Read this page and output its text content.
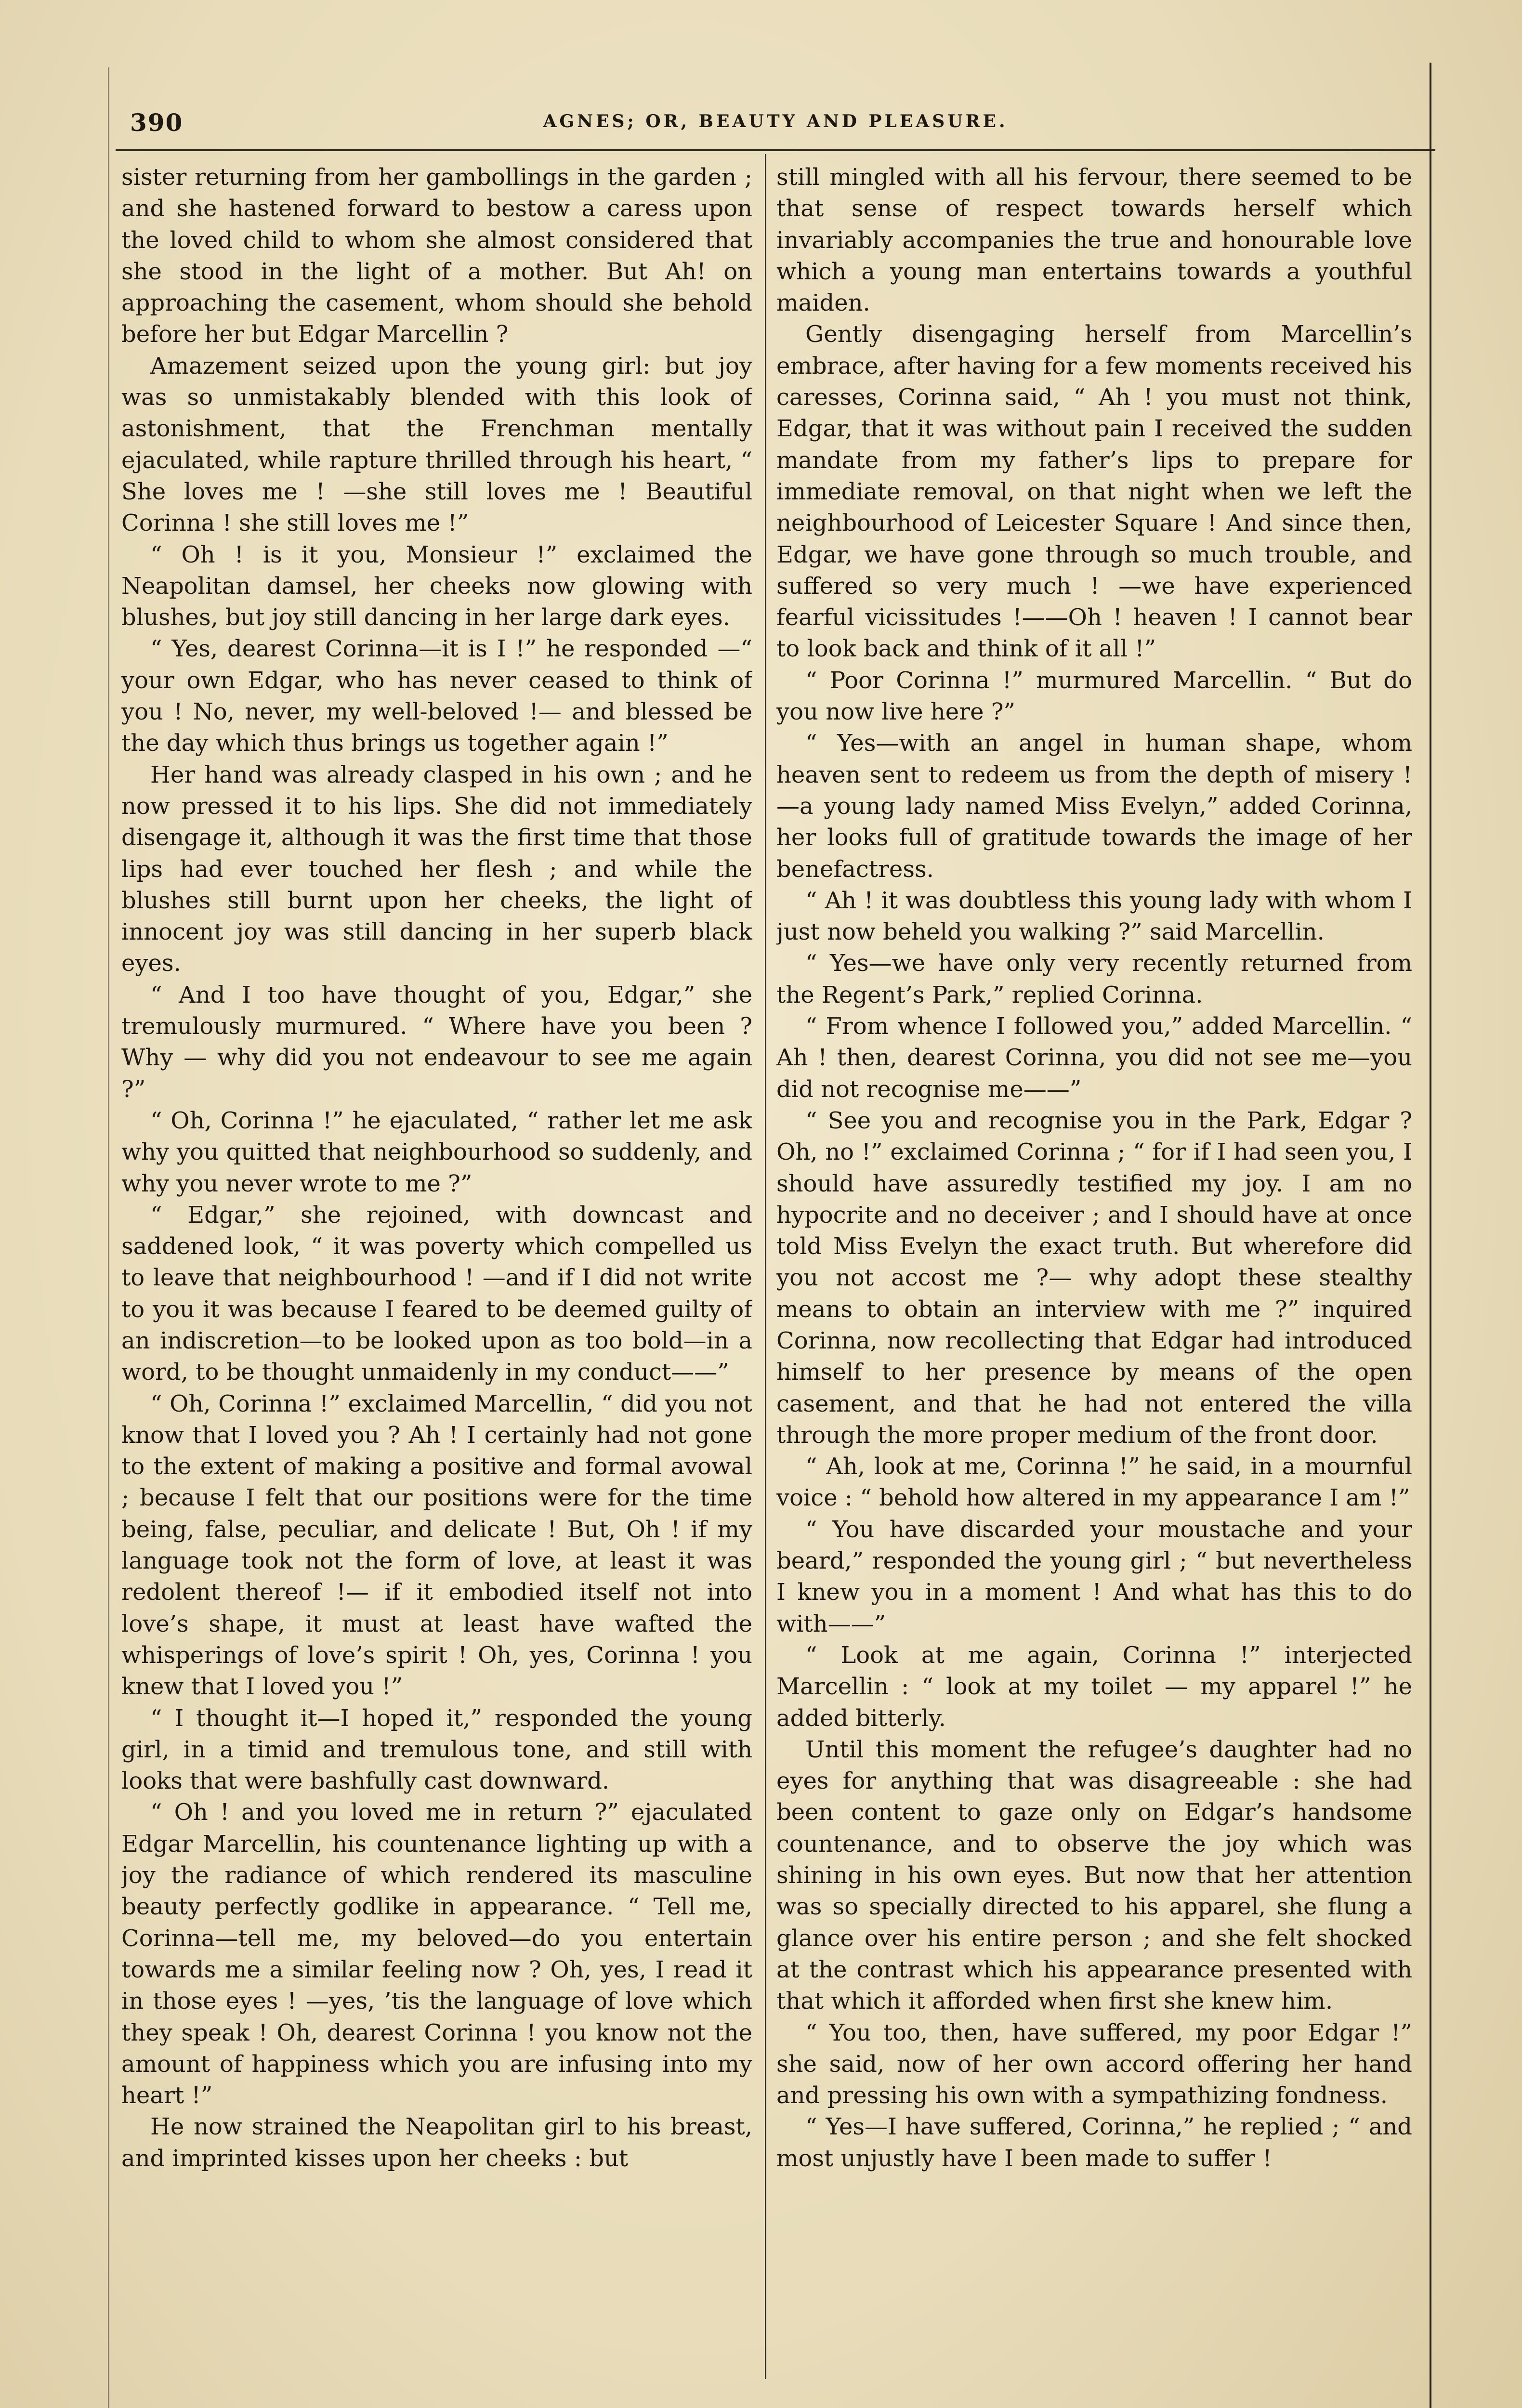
390	AGNES; OR, BEAUTY AND PLEASURE.

sister returning from her gambollings in the garden ; and she hastened forward to bestow a caress upon the loved child to whom she almost considered that she stood in the light of a mother. But Ah! on approaching the casement, whom should she behold before her but Edgar Marcellin ?

Amazement seized upon the young girl: but joy was so unmistakably blended with this look of astonishment, that the Frenchman mentally ejaculated, while rapture thrilled through his heart, “ She loves me ! —she still loves me ! Beautiful Corinna ! she still loves me !”

“ Oh ! is it you, Monsieur !” exclaimed the Neapolitan damsel, her cheeks now glowing with blushes, but joy still dancing in her large dark eyes.

“ Yes, dearest Corinna—it is I !” he responded —“ your own Edgar, who has never ceased to think of you ! No, never, my well-beloved !— and blessed be the day which thus brings us together again !”

Her hand was already clasped in his own ; and he now pressed it to his lips. She did not immediately disengage it, although it was the first time that those lips had ever touched her flesh ; and while the blushes still burnt upon her cheeks, the light of innocent joy was still dancing in her superb black eyes.

“ And I too have thought of you, Edgar,” she tremulously murmured. “ Where have you been ? Why — why did you not endeavour to see me again ?”

“ Oh, Corinna !” he ejaculated, “ rather let me ask why you quitted that neighbourhood so suddenly, and why you never wrote to me ?”

“ Edgar,” she rejoined, with downcast and saddened look, “ it was poverty which compelled us to leave that neighbourhood ! —and if I did not write to you it was because I feared to be deemed guilty of an indiscretion—to be looked upon as too bold—in a word, to be thought unmaidenly in my conduct——”

“ Oh, Corinna !” exclaimed Marcellin, “ did you not know that I loved you ? Ah ! I certainly had not gone to the extent of making a positive and formal avowal ; because I felt that our positions were for the time being, false, peculiar, and delicate ! But, Oh ! if my language took not the form of love, at least it was redolent thereof !— if it embodied itself not into love’s shape, it must at least have wafted the whisperings of love’s spirit ! Oh, yes, Corinna ! you knew that I loved you !”

“ I thought it—I hoped it,” responded the young girl, in a timid and tremulous tone, and still with looks that were bashfully cast downward.

“ Oh ! and you loved me in return ?” ejaculated Edgar Marcellin, his countenance lighting up with a joy the radiance of which rendered its masculine beauty perfectly godlike in appearance. “ Tell me, Corinna—tell me, my beloved—do you entertain towards me a similar feeling now ? Oh, yes, I read it in those eyes ! —yes, ’tis the language of love which they speak ! Oh, dearest Corinna ! you know not the amount of happiness which you are infusing into my heart !”

He now strained the Neapolitan girl to his breast, and imprinted kisses upon her cheeks : but

still mingled with all his fervour, there seemed to be that sense of respect towards herself which invariably accompanies the true and honourable love which a young man entertains towards a youthful maiden.

Gently disengaging herself from Marcellin’s embrace, after having for a few moments received his caresses, Corinna said, “ Ah ! you must not think, Edgar, that it was without pain I received the sudden mandate from my father’s lips to prepare for immediate removal, on that night when we left the neighbourhood of Leicester Square ! And since then, Edgar, we have gone through so much trouble, and suffered so very much ! —we have experienced fearful vicissitudes !——Oh ! heaven ! I cannot bear to look back and think of it all !”

“ Poor Corinna !” murmured Marcellin. “ But do you now live here ?”

“ Yes—with an angel in human shape, whom heaven sent to redeem us from the depth of misery ! —a young lady named Miss Evelyn,” added Corinna, her looks full of gratitude towards the image of her benefactress.

“ Ah ! it was doubtless this young lady with whom I just now beheld you walking ?” said Marcellin.

“ Yes—we have only very recently returned from the Regent’s Park,” replied Corinna.

“ From whence I followed you,” added Marcellin. “ Ah ! then, dearest Corinna, you did not see me—you did not recognise me——”

“ See you and recognise you in the Park, Edgar ? Oh, no !” exclaimed Corinna ; “ for if I had seen you, I should have assuredly testified my joy. I am no hypocrite and no deceiver ; and I should have at once told Miss Evelyn the exact truth. But wherefore did you not accost me ?— why adopt these stealthy means to obtain an interview with me ?” inquired Corinna, now recollecting that Edgar had introduced himself to her presence by means of the open casement, and that he had not entered the villa through the more proper medium of the front door.

“ Ah, look at me, Corinna !” he said, in a mournful voice : “ behold how altered in my appearance I am !”

“ You have discarded your moustache and your beard,” responded the young girl ; “ but nevertheless I knew you in a moment ! And what has this to do with——”

“ Look at me again, Corinna !” interjected Marcellin : “ look at my toilet — my apparel !” he added bitterly.

Until this moment the refugee’s daughter had no eyes for anything that was disagreeable : she had been content to gaze only on Edgar’s handsome countenance, and to observe the joy which was shining in his own eyes. But now that her attention was so specially directed to his apparel, she flung a glance over his entire person ; and she felt shocked at the contrast which his appearance presented with that which it afforded when first she knew him.

“ You too, then, have suffered, my poor Edgar !” she said, now of her own accord offering her hand and pressing his own with a sympathizing fondness.

“ Yes—I have suffered, Corinna,” he replied ; “ and most unjustly have I been made to suffer !
